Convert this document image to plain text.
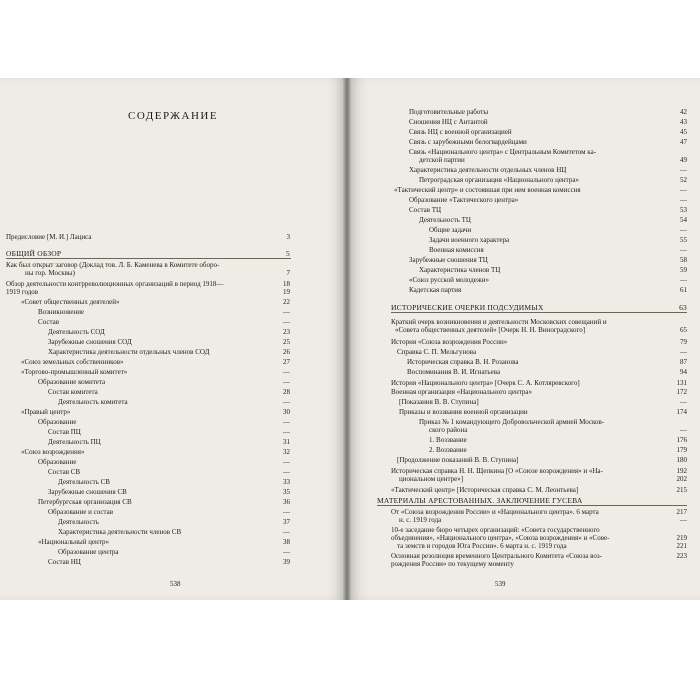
СОДЕРЖАНИЕ
Предисловие [М. И.] Лациса	3
ОБЩИЙ ОБЗОР	5
Как был открыт заговор (Доклад тов. Л. Б. Каменева в Комитете оборо-
ны гор. Москвы)	7
Обзор деятельности контрреволюционных организаций в период 1918—	18
1919 годов	19
«Совет общественных деятелей»	22
Возникновение	—
Состав	—
Деятельность СОД	23
Зарубежные сношения СОД	25
Характеристика деятельности отдельных членов СОД	26
«Союз земельных собственников»	27
«Торгово-промышленный комитет»	—
Образование комитета	—
Состав комитета	28
Деятельность комитета	—
«Правый центр»	30
Образование	—
Состав ПЦ	—
Деятельность ПЦ	31
«Союз возрождения»	32
Образование	—
Состав СВ	—
Деятельность СВ	33
Зарубежные сношения СВ	35
Петербургская организация СВ	36
Образование и состав	—
Деятельность	37
Характеристика деятельности членов СВ	—
«Национальный центр»	38
Образование центра	—
Состав НЦ	39
538
Подготовительные работы	42
Сношения НЦ с Антантой	43
Связь НЦ с военной организацией	45
Связь с зарубежными белогвардейцами	47
Связь «Национального центра» с Центральным Комитетом ка-
детской партии	49
Характеристика деятельности отдельных членов НЦ	—
Петроградская организация «Национального центра»	52
«Тактический центр» и состоявшая при нем военная комиссия	—
Образование «Тактического центра»	—
Состав ТЦ	53
Деятельность ТЦ	54
Общие задачи	—
Задачи военного характера	55
Военная комиссия	—
Зарубежные сношения ТЦ	58
Характеристика членов ТЦ	59
«Союз русской молодежи»	—
Кадетская партия	61
ИСТОРИЧЕСКИЕ ОЧЕРКИ ПОДСУДИМЫХ	63
Краткий очерк возникновения и деятельности Московских совещаний и
«Совета общественных деятелей» [Очерк Н. Н. Виноградского]	65
История «Союза возрождения России»	79
Справка С. П. Мельгунова	—
Историческая справка В. Н. Розанова	87
Воспоминания В. И. Игнатьева	94
История «Национального центра» [Очерк С. А. Котляревского]	131
Военная организация «Национального центра»	172
[Показания В. В. Ступина]	—
Приказы и воззвания военной организации	174
Приказ № 1 командующего Добровольческой армией Москов-
ского района	—
1. Воззвание	176
2. Воззвание	179
[Продолжение показаний В. В. Ступина]	180
Историческая справка Н. Н. Щепкина [О «Союзе возрождения» и «На-	192
циональном центре»]	202
«Тактический центр» [Историческая справка С. М. Леонтьева]	215
МАТЕРИАЛЫ АРЕСТОВАННЫХ. ЗАКЛЮЧЕНИЕ ГУСЕВА
От «Союза возрождения России» и «Национального центра». 6 марта	217
н. с. 1919 года	—
10-е заседание бюро четырех организаций: «Совета государственного
объединения», «Национального центра», «Союза возрождения» и «Сове-	219
та земств и городов Юга России». 6 марта н. с. 1919 года	221
Основная резолюция временного Центрального Комитета «Союза воз-	223
рождения России» по текущему моменту
539
